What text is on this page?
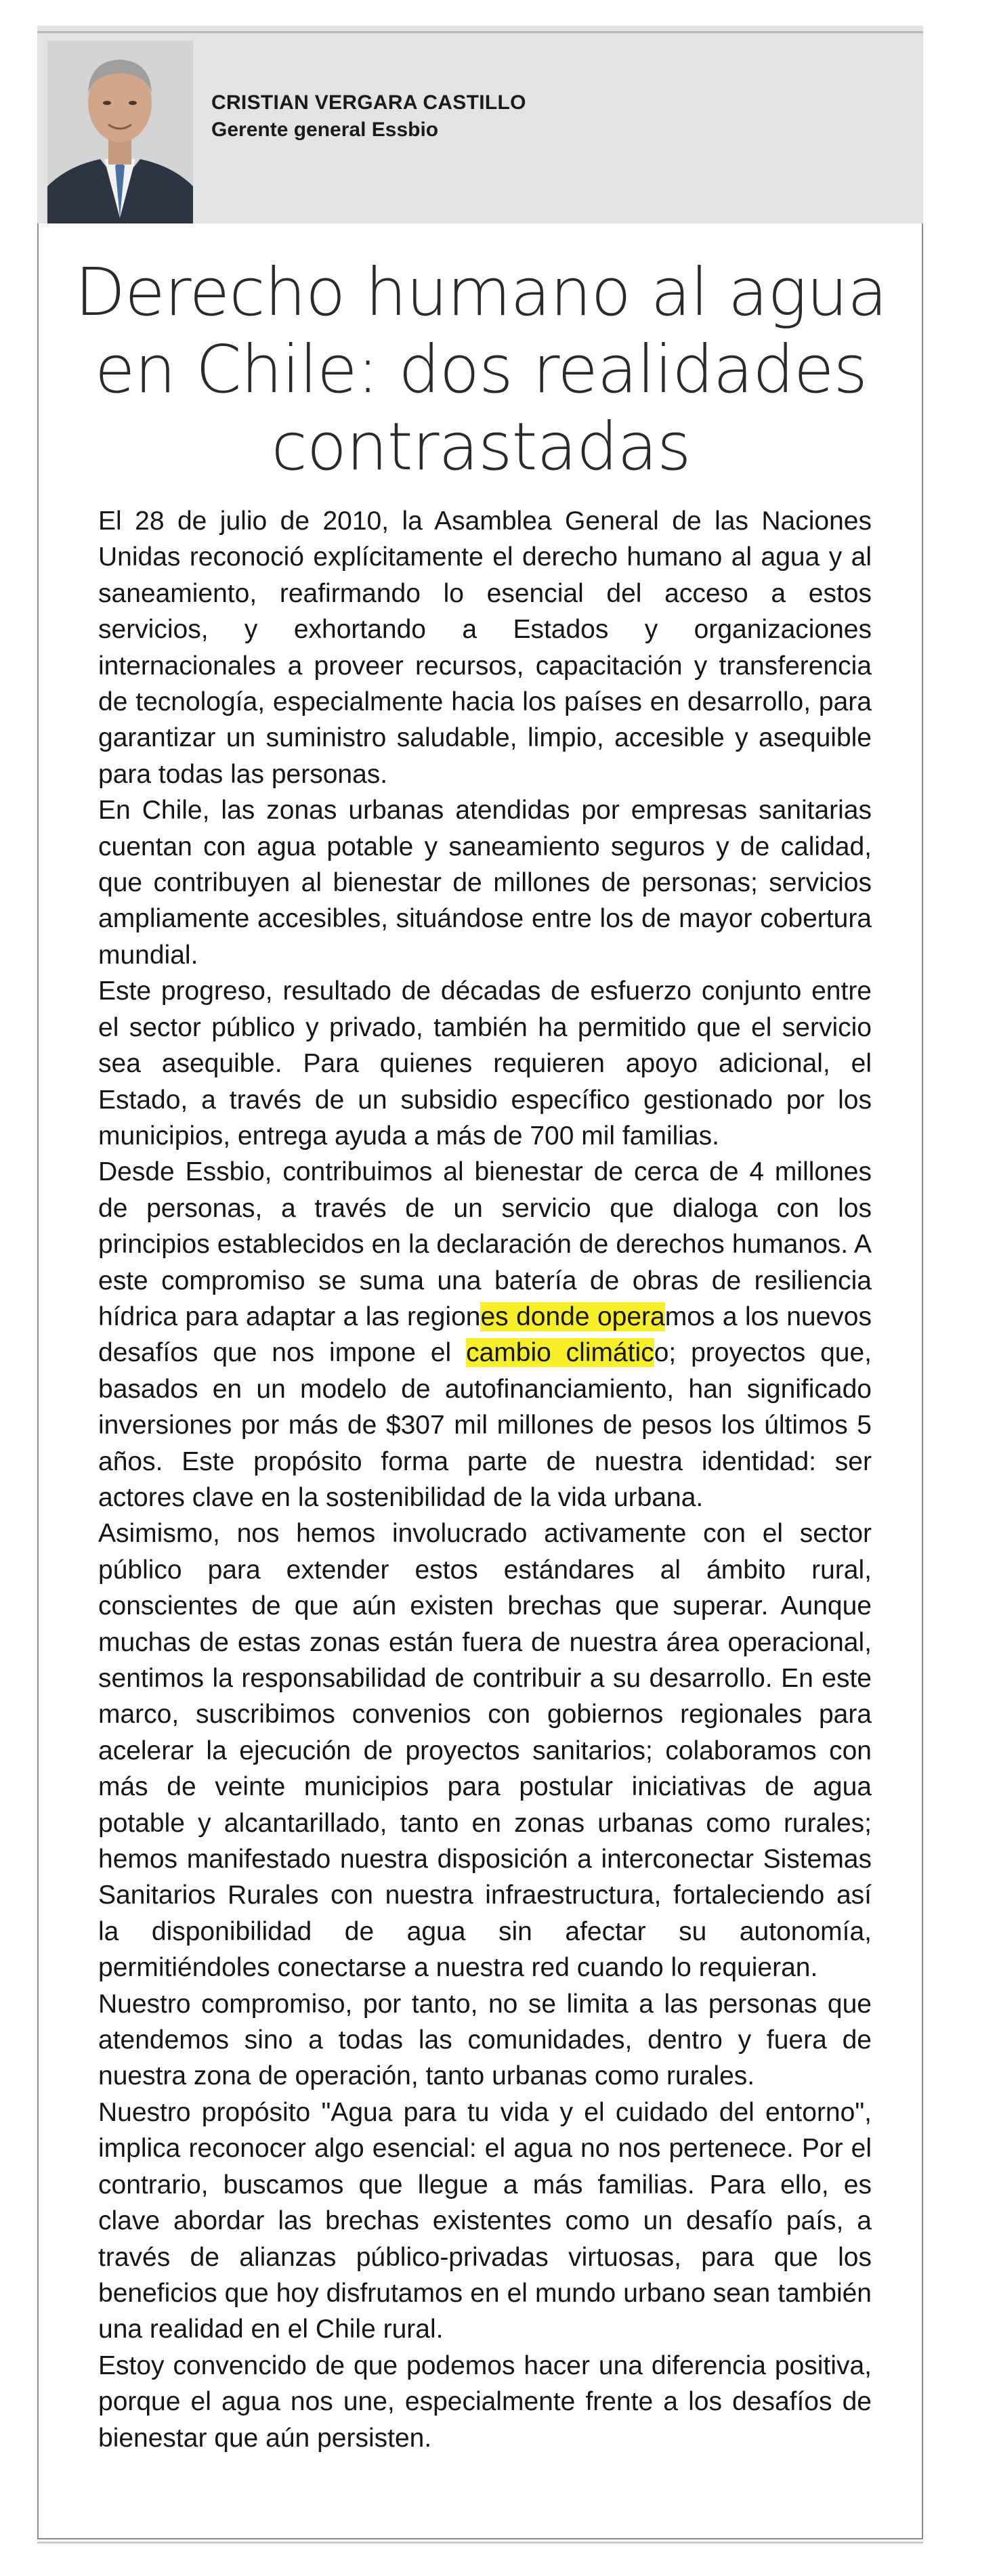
CRISTIAN VERGARA CASTILLO
Gerente general Essbio
Derecho humano al agua en Chile: dos realidades contrastadas

El 28 de julio de 2010, la Asamblea General de las Naciones Unidas reconoció explícitamente el derecho humano al agua y al saneamiento, reafirmando lo esencial del acceso a estos servicios, y exhortando a Estados y organizaciones internacionales a proveer recursos, capacitación y transferencia de tecnología, especialmente hacia los países en desarrollo, para garantizar un suministro saludable, limpio, accesible y asequible para todas las personas.

En Chile, las zonas urbanas atendidas por empresas sanitarias cuentan con agua potable y saneamiento seguros y de calidad, que contribuyen al bienestar de millones de personas; servicios ampliamente accesibles, situándose entre los de mayor cobertura mundial.

Este progreso, resultado de décadas de esfuerzo conjunto entre el sector público y privado, también ha permitido que el servicio sea asequible. Para quienes requieren apoyo adicional, el Estado, a través de un subsidio específico gestionado por los municipios, entrega ayuda a más de 700 mil familias.

Desde Essbio, contribuimos al bienestar de cerca de 4 millones de personas, a través de un servicio que dialoga con los principios establecidos en la declaración de derechos humanos. A este compromiso se suma una batería de obras de resiliencia hídrica para adaptar a las regiones donde operamos a los nuevos desafíos que nos impone el cambio climático; proyectos que, basados en un modelo de autofinanciamiento, han significado inversiones por más de $307 mil millones de pesos los últimos 5 años. Este propósito forma parte de nuestra identidad: ser actores clave en la sostenibilidad de la vida urbana.

Asimismo, nos hemos involucrado activamente con el sector público para extender estos estándares al ámbito rural, conscientes de que aún existen brechas que superar. Aunque muchas de estas zonas están fuera de nuestra área operacional, sentimos la responsabilidad de contribuir a su desarrollo. En este marco, suscribimos convenios con gobiernos regionales para acelerar la ejecución de proyectos sanitarios; colaboramos con más de veinte municipios para postular iniciativas de agua potable y alcantarillado, tanto en zonas urbanas como rurales; hemos manifestado nuestra disposición a interconectar Sistemas Sanitarios Rurales con nuestra infraestructura, fortaleciendo así la disponibilidad de agua sin afectar su autonomía, permitiéndoles conectarse a nuestra red cuando lo requieran.

Nuestro compromiso, por tanto, no se limita a las personas que atendemos sino a todas las comunidades, dentro y fuera de nuestra zona de operación, tanto urbanas como rurales.

Nuestro propósito "Agua para tu vida y el cuidado del entorno", implica reconocer algo esencial: el agua no nos pertenece. Por el contrario, buscamos que llegue a más familias. Para ello, es clave abordar las brechas existentes como un desafío país, a través de alianzas público-privadas virtuosas, para que los beneficios que hoy disfrutamos en el mundo urbano sean también una realidad en el Chile rural.

Estoy convencido de que podemos hacer una diferencia positiva, porque el agua nos une, especialmente frente a los desafíos de bienestar que aún persisten.
